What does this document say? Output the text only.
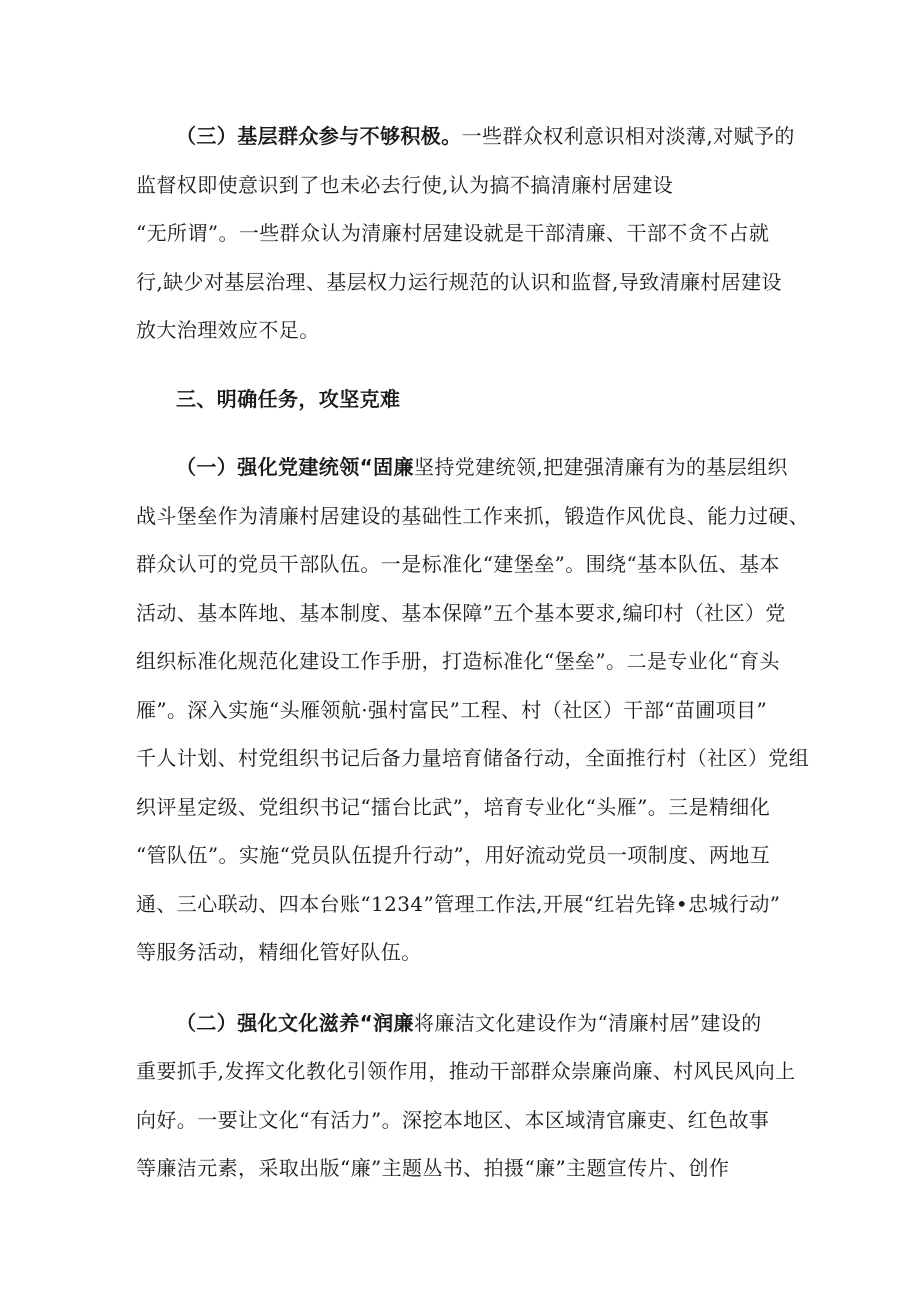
（三）基层群众参与不够积极。一些群众权利意识相对淡薄,对赋予的
监督权即使意识到了也未必去行使,认为搞不搞清廉村居建设
“无所谓”。一些群众认为清廉村居建设就是干部清廉、干部不贪不占就
行,缺少对基层治理、基层权力运行规范的认识和监督,导致清廉村居建设
放大治理效应不足。

三、明确任务，攻坚克难

（一）强化党建统领“固廉坚持党建统领,把建强清廉有为的基层组织
战斗堡垒作为清廉村居建设的基础性工作来抓，锻造作风优良、能力过硬、
群众认可的党员干部队伍。一是标准化“建堡垒”。围绕“基本队伍、基本
活动、基本阵地、基本制度、基本保障”五个基本要求,编印村（社区）党
组织标准化规范化建设工作手册，打造标准化“堡垒”。二是专业化“育头
雁”。深入实施“头雁领航·强村富民”工程、村（社区）干部“苗圃项目”
千人计划、村党组织书记后备力量培育储备行动，全面推行村（社区）党组
织评星定级、党组织书记“擂台比武”，培育专业化“头雁”。三是精细化
“管队伍”。实施“党员队伍提升行动”，用好流动党员一项制度、两地互
通、三心联动、四本台账“1234”管理工作法,开展“红岩先锋•忠城行动”
等服务活动，精细化管好队伍。

（二）强化文化滋养“润廉将廉洁文化建设作为“清廉村居”建设的
重要抓手,发挥文化教化引领作用，推动干部群众崇廉尚廉、村风民风向上
向好。一要让文化“有活力”。深挖本地区、本区域清官廉吏、红色故事
等廉洁元素，采取出版“廉”主题丛书、拍摄“廉”主题宣传片、创作
